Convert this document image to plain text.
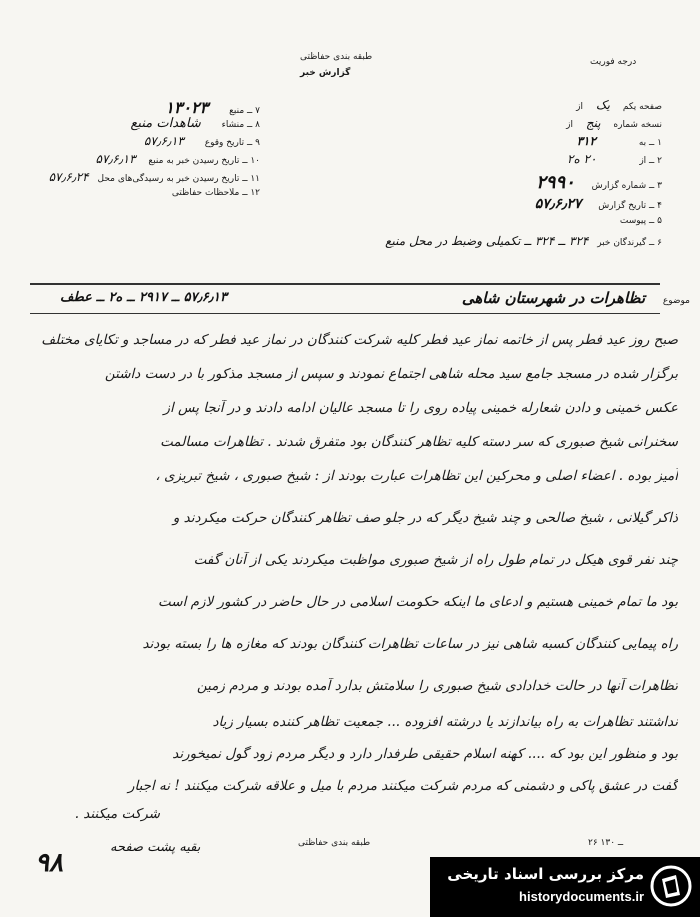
درجه فوریت
طبقه بندی حفاظتی
گزارش خبر
۷ ــ منبع ۱۳۰۲۳
۸ ــ منشاء شاهدات منبع
۹ ــ تاریخ وقوع ۵۷٫۶٫۱۳
۱۰ ــ تاریخ رسیدن خبر به منبع ۵۷٫۶٫۱۳
۱۱ ــ تاریخ رسیدن خبر به رسیدگی‌های محل ۵۷٫۶٫۲۴
۱۲ ــ ملاحظات حفاظتی
صفحه یکم یک از
نسخه شماره پنج از
۱ ــ به ۳۱۲
۲ ــ از ۲۰ ه۲
۳ ــ شماره گزارش ۲۹۹۰
۴ ــ تاریخ گزارش ۵۷٫۶٫۲۷
۵ ــ پیوست
۶ ــ گیرندگان خبر ۳۲۴ ــ ۳۲۴ ــ تکمیلی وضبط در محل منبع
موضوع
تظاهرات در شهرستان شاهی
۵۷٫۶٫۱۳ ــ ۲۹۱۷ ــ ه۲ ــ عطف
صبح روز عید فطر پس از خاتمه نماز عید فطر کلیه شرکت کنندگان در نماز عید فطر که در مساجد و تکایای مختلف
برگزار شده در مسجد جامع سید محله شاهی اجتماع نمودند و سپس از مسجد مذکور با در دست داشتن
عکس خمینی و دادن شعارله خمینی پیاده روی را تا مسجد عالیان ادامه دادند و در آنجا پس از
سخنرانی شیخ صبوری که سر دسته کلیه تظاهر کنندگان بود متفرق شدند . تظاهرات مسالمت
آمیز بوده . اعضاء اصلی و محرکین این تظاهرات عبارت بودند از : شیخ صبوری ، شیخ تبریزی ،
ذاکر گیلانی ، شیخ صالحی و چند شیخ دیگر که در جلو صف تظاهر کنندگان حرکت میکردند و
چند نفر قوی هیکل در تمام طول راه از شیخ صبوری مواظبت میکردند یکی از آنان گفت
بود ما تمام خمینی هستیم و ادعای ما اینکه حکومت اسلامی در حال حاضر در کشور لازم است
راه پیمایی کنندگان کسبه شاهی نیز در ساعات تظاهرات کنندگان بودند که مغازه ها را بسته بودند
تظاهرات آنها در حالت خدادادی شیخ صبوری را سلامتش بدارد آمده بودند و مردم زمین
نداشتند تظاهرات به راه بیاندازند یا درشته افزوده ... جمعیت تظاهر کننده بسیار زیاد
بود و منظور این بود که .... کهنه اسلام حقیقی طرفدار دارد و دیگر مردم زود گول نمیخورند
گفت در عشق پاکی و دشمنی که مردم شرکت میکنند مردم با میل و علاقه شرکت میکنند ! نه اجبار
شرکت میکنند .
بقیه پشت صفحه
۹۸
طبقه بندی حفاظتی	۲۶ ــ ۱۳۰
مرکز بررسی اسناد تاریخی
historydocuments.ir
